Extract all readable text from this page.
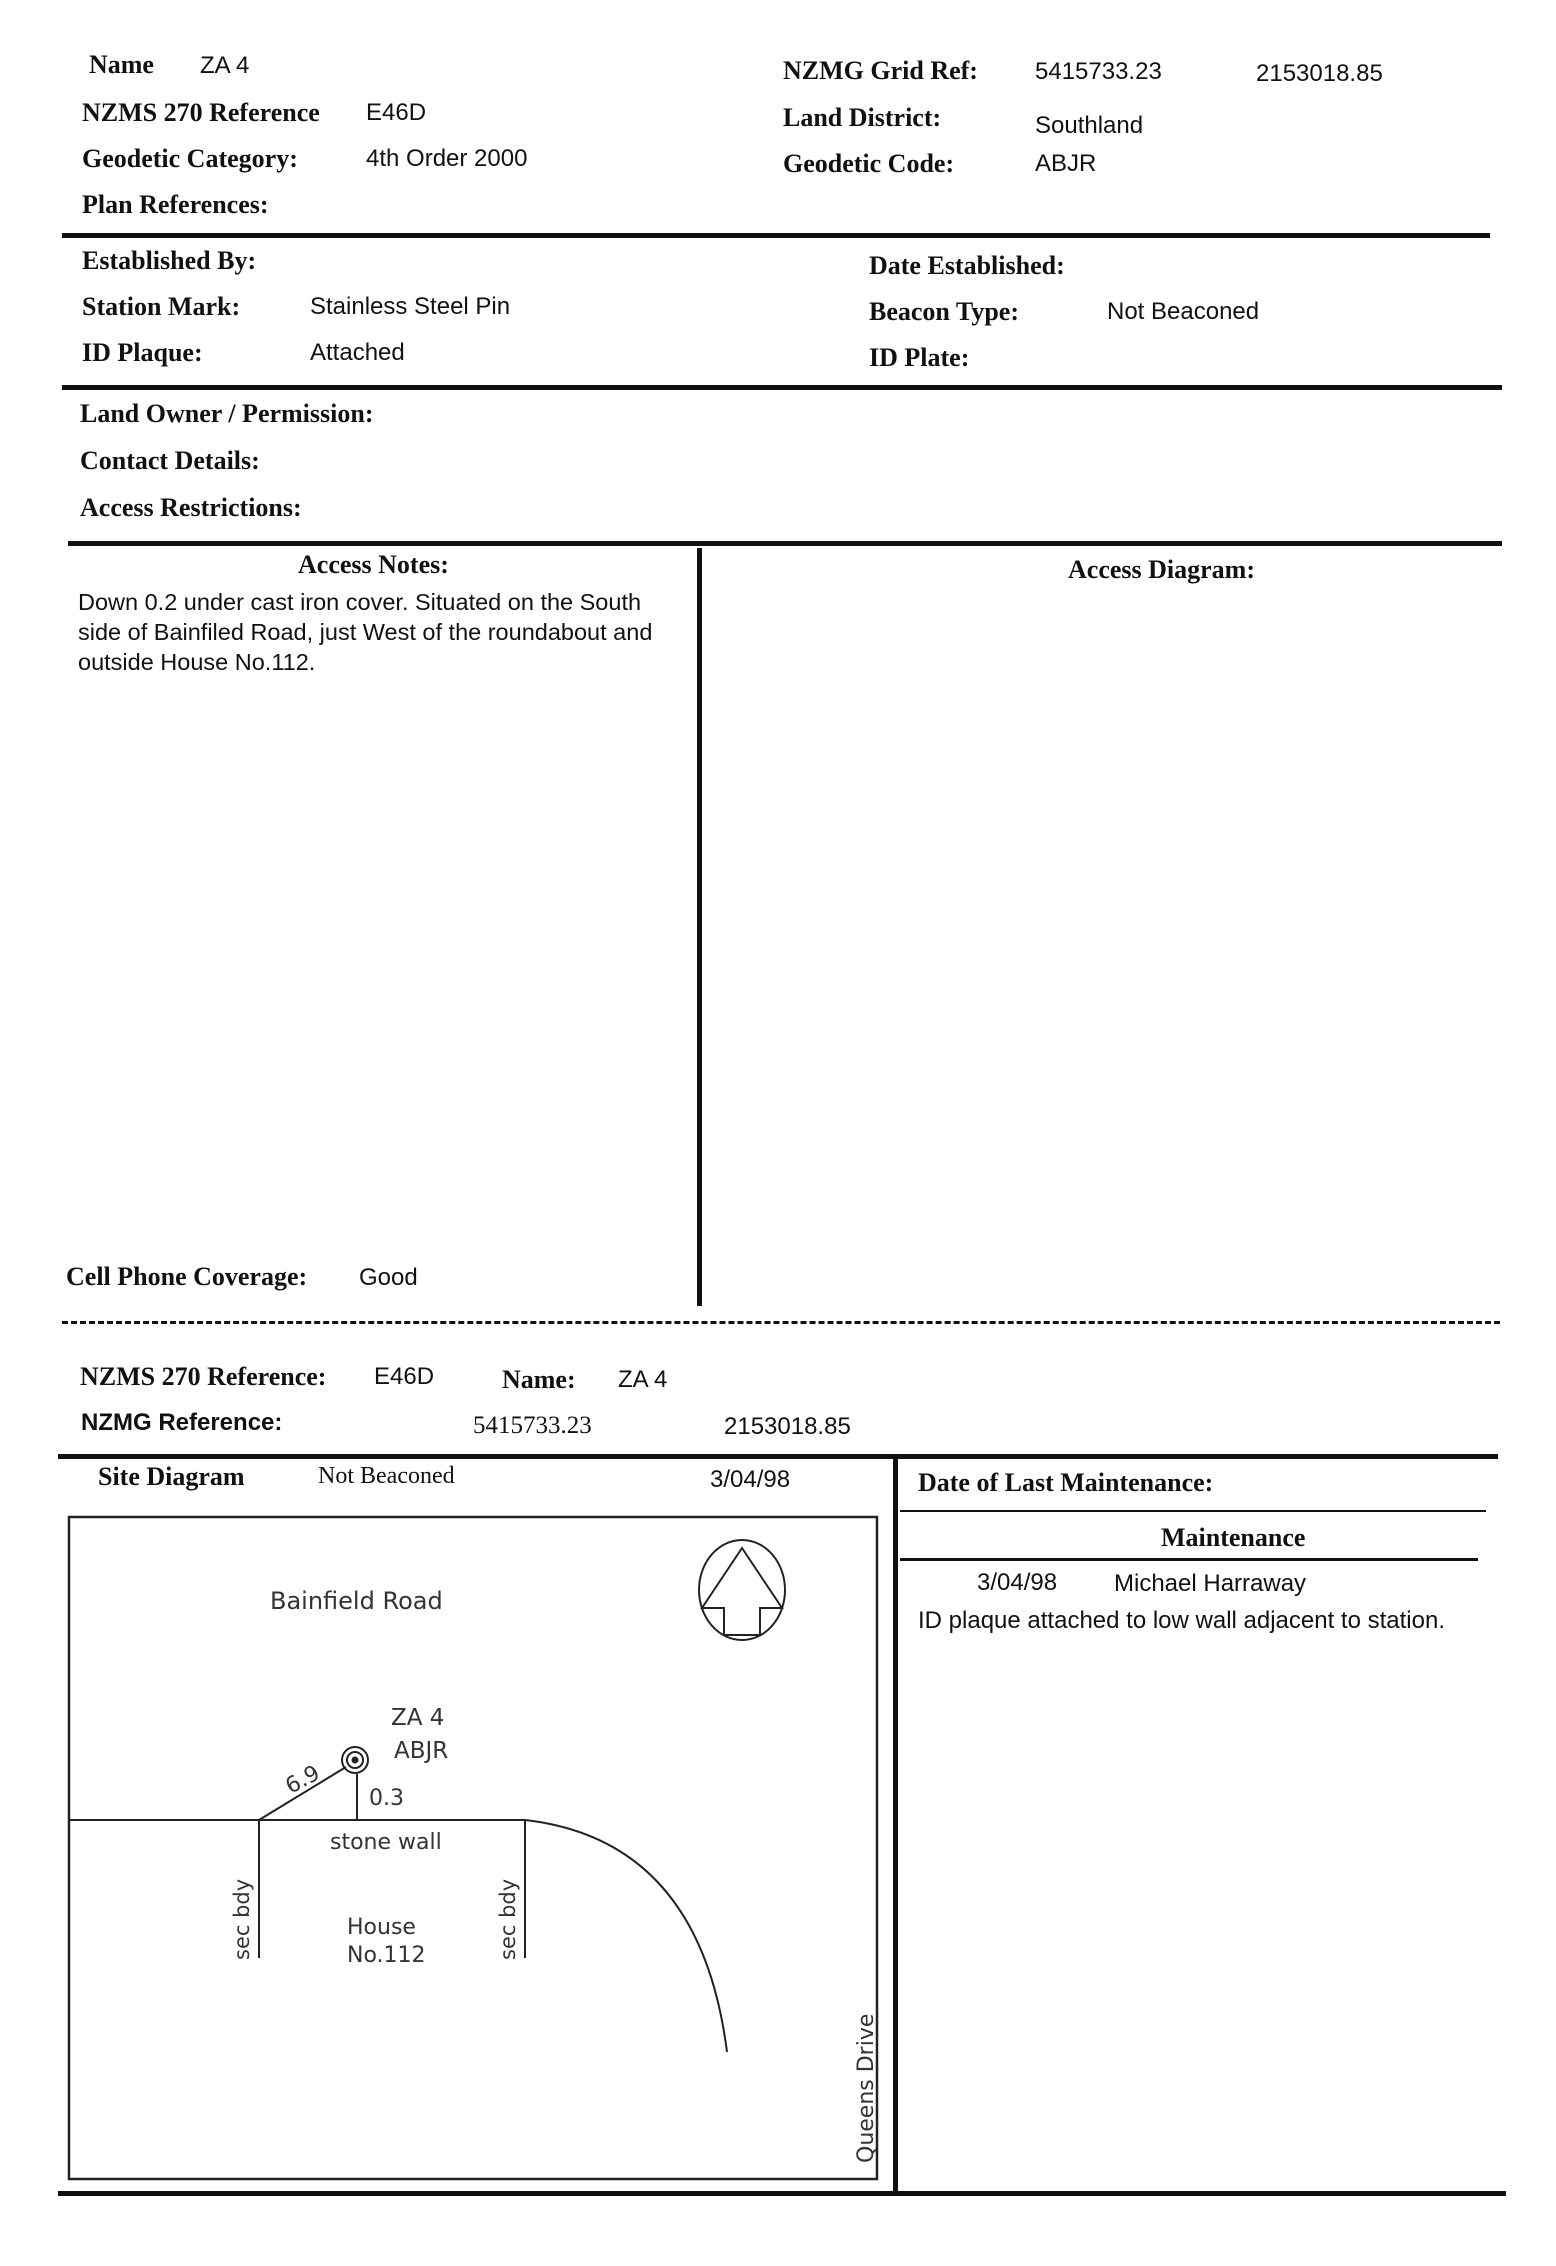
Name ZA 4
NZMS 270 Reference E46D
Geodetic Category:	4th Order 2000
Plan References:
NZMG Grid Ref: 5415733.23	2153018.85
Land District:	Southland
Geodetic Code:	ABJR
Established By:
Station Mark:	Stainless Steel Pin
ID Plaque:	Attached
Date Established:
Beacon Type:	Not Beaconed
ID Plate:
Land Owner / Permission:
Contact Details:
Access Restrictions:
Access Notes:
Down 0.2 under cast iron cover. Situated on the South side of Bainfiled Road, just West of the roundabout and outside House No.112.
Access Diagram:
Cell Phone Coverage: Good
NZMS 270 Reference: E46D	Name: ZA 4
NZMG Reference:	5415733.23	2153018.85
Site Diagram	Not Beaconed	3/04/98
Bainfield Road
ZA 4
ABJR
6.9 0.3
stone wall
sec bdy	sec bdy
House
No.112
Queens Drive
Date of Last Maintenance:
Maintenance
3/04/98 Michael Harraway
ID plaque attached to low wall adjacent to station.
